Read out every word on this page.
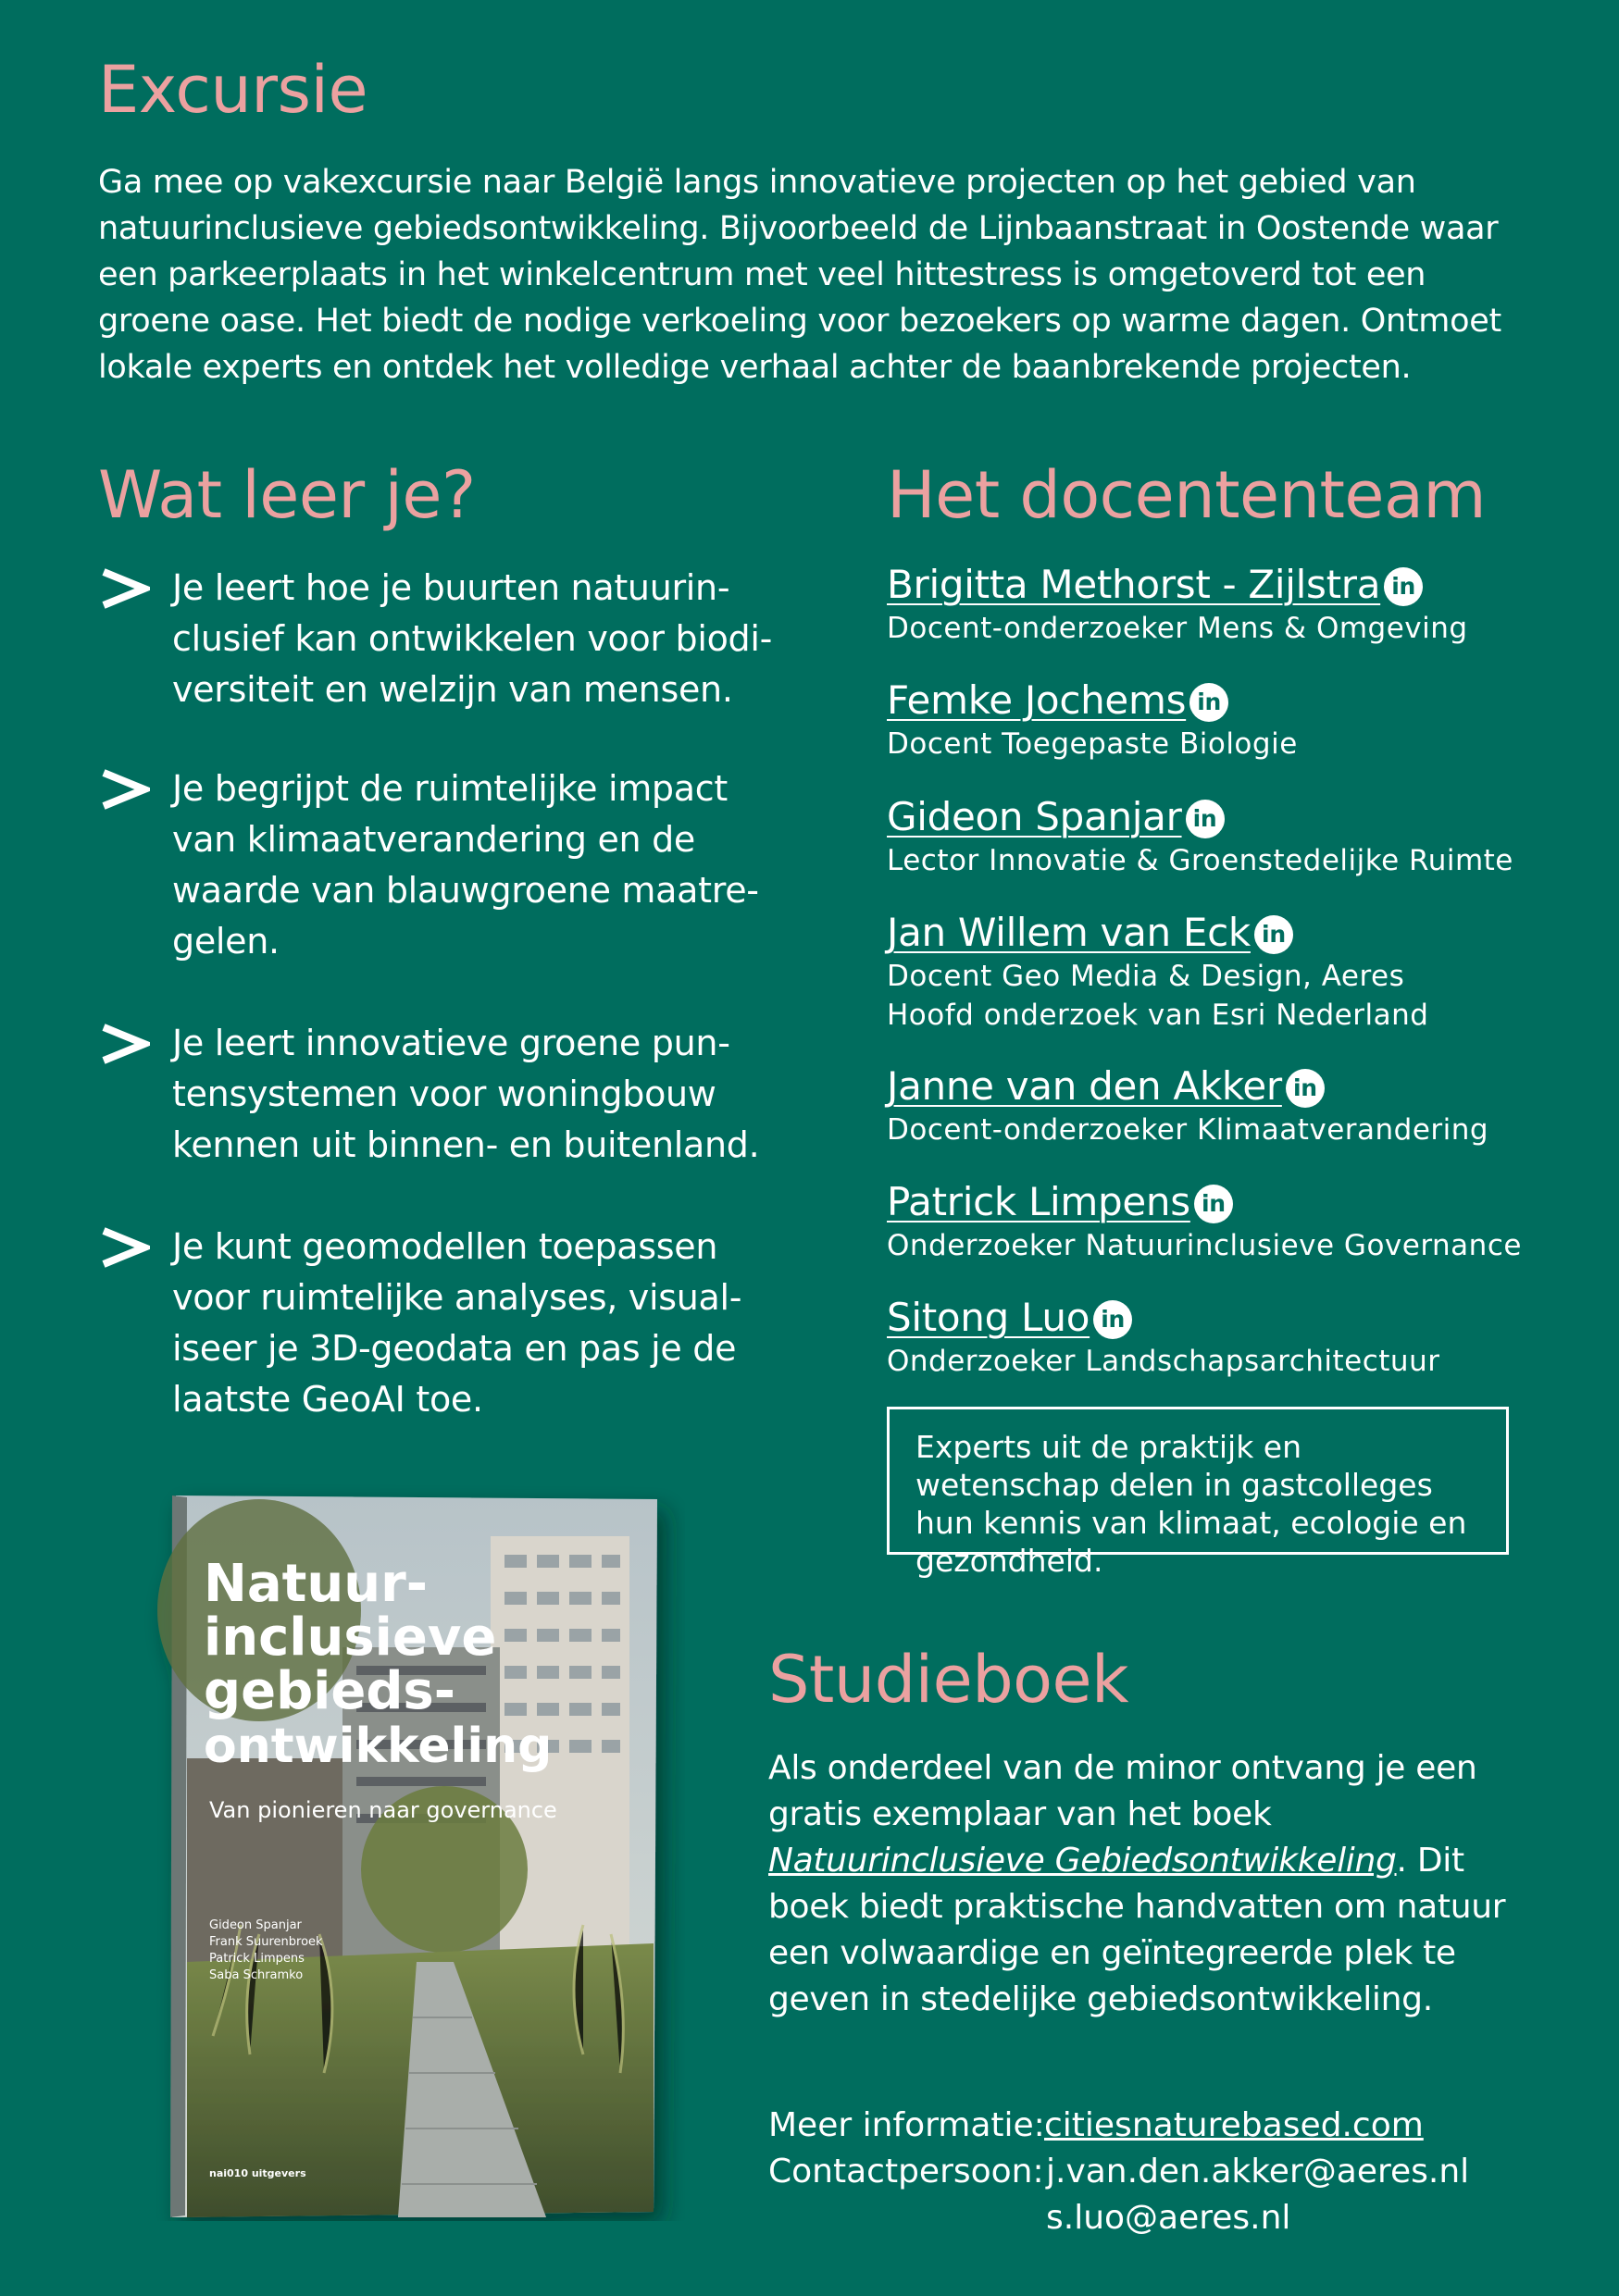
Excursie
Ga mee op vakexcursie naar België langs innovatieve projecten op het gebied van natuurinclusieve gebiedsontwikkeling. Bijvoorbeeld de Lijnbaanstraat in Oostende waar een parkeerplaats in het winkelcentrum met veel hittestress is omgetoverd tot een groene oase. Het biedt de nodige verkoeling voor bezoekers op warme dagen. Ontmoet lokale experts en ontdek het volledige verhaal achter de baanbrekende projecten.
Wat leer je?
Je leert hoe je buurten natuurinclusief kan ontwikkelen voor biodiversiteit en welzijn van mensen.
Je begrijpt de ruimtelijke impact van klimaatverandering en de waarde van blauwgroene maatregelen.
Je leert innovatieve groene puntensystemen voor woningbouw kennen uit binnen- en buitenland.
Je kunt geomodellen toepassen voor ruimtelijke analyses, visualiseer je 3D-geodata en pas je de laatste GeoAI toe.
Het docententeam
Brigitta Methorst - Zijlstra in
Docent-onderzoeker Mens & Omgeving
Femke Jochems in
Docent Toegepaste Biologie
Gideon Spanjar in
Lector Innovatie & Groenstedelijke Ruimte
Jan Willem van Eck in
Docent Geo Media & Design, Aeres
Hoofd onderzoek van Esri Nederland
Janne van den Akker in
Docent-onderzoeker Klimaatverandering
Patrick Limpens in
Onderzoeker Natuurinclusieve Governance
Sitong Luo in
Onderzoeker Landschapsarchitectuur
Experts uit de praktijk en wetenschap delen in gastcolleges hun kennis van klimaat, ecologie en gezondheid.
Natuur-
inclusieve
gebieds-
ontwikkeling
Van pionieren naar governance
Gideon Spanjar
Frank Suurenbroek
Patrick Limpens
Saba Schramko
nai010 uitgevers
Studieboek
Als onderdeel van de minor ontvang je een gratis exemplaar van het boek Natuurinclusieve Gebiedsontwikkeling. Dit boek biedt praktische handvatten om natuur een volwaardige en geïntegreerde plek te geven in stedelijke gebiedsontwikkeling.
Meer informatie: citiesnaturebased.com
Contactpersoon: j.van.den.akker@aeres.nl
s.luo@aeres.nl
